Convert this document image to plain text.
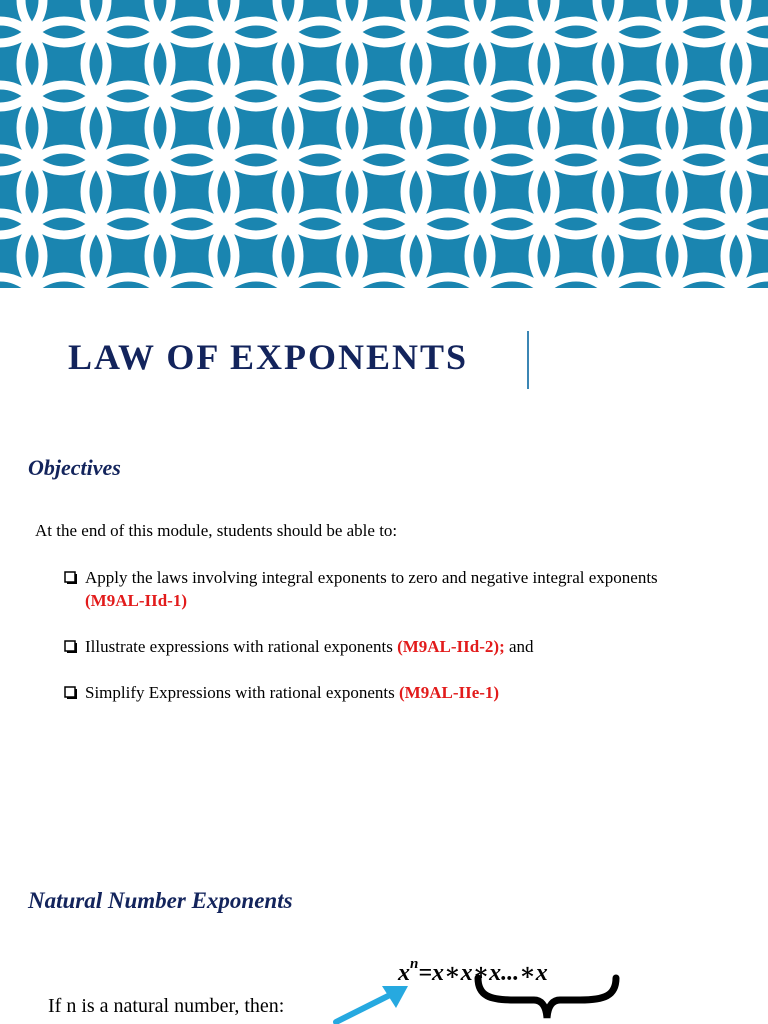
LAW OF EXPONENTS
Objectives
At the end of this module, students should be able to:
Apply the laws involving integral exponents to zero and negative integral exponents (M9AL-IId-1)
Illustrate expressions with rational exponents (M9AL-IId-2); and
Simplify Expressions with rational exponents (M9AL-IIe-1)
Natural Number Exponents
$x^n=x∗x∗x...∗x$
If n is a natural number, then:
